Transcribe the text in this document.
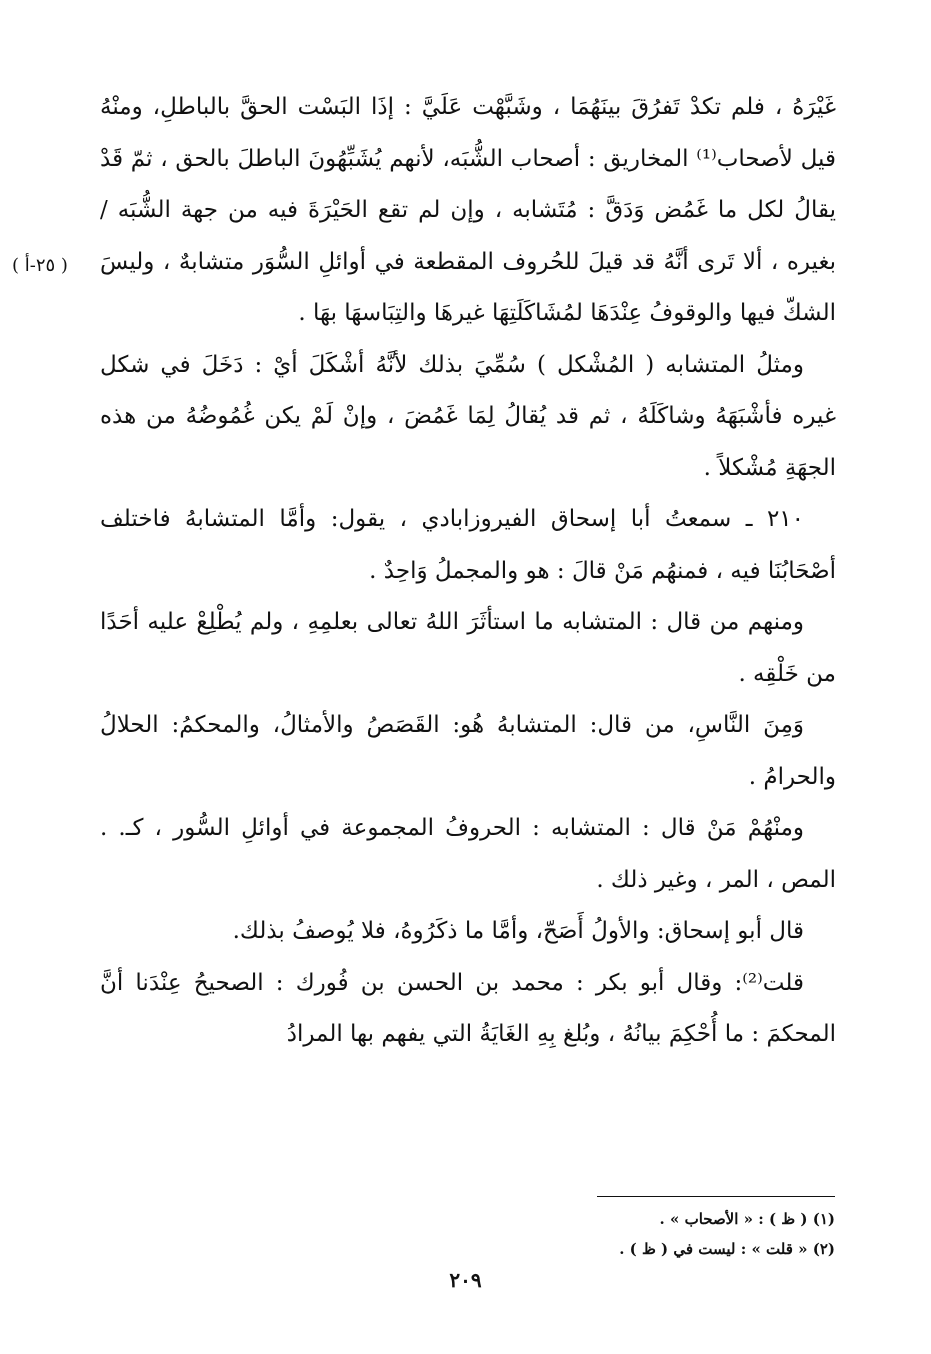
( ٢٥-أ )

غَيْرَهُ ، فلم تكدْ تَفرُقَ بينَهُمَا ، وشَبَّهْت عَلَيَّ : إذَا البَسْت الحقَّ بالباطلِ، ومنْهُ قيل لأصحاب⁽¹⁾ المخاريق : أصحاب الشُّبَه، لأنهم يُشَبِّهُونَ الباطلَ بالحق ، ثمّ قَدْ يقالُ لكل ما غَمُض وَدَقَّ : مُتَشابه ، وإن لم تقع الحَيْرَةَ فيه من جهة الشُّبَه / بغيره ، ألا تَرى أنَّهُ قد قيلَ للحُروف المقطعة في أوائلِ السُّوَر متشابهٌ ، وليسَ الشكّ فيها والوقوفُ عِنْدَهَا لمُشَاكَلَتِهَا غيرهَا والتِبَاسهَا بهَا .

ومثلُ المتشابه ( المُشْكل ) سُمِّيَ بذلك لأنَّهُ أشْكَلَ أيْ : دَخَلَ في شكل غيره فأشْبَهَهُ وشاكَلَهُ ، ثم قد يُقالُ لِمَا غَمُضَ ، وإنْ لَمْ يكن غُمُوضُهُ من هذه الجهَةِ مُشْكلاً .

٢١٠ ـ سمعتُ أبا إسحاق الفيروزابادي ، يقول: وأمَّا المتشابهُ فاختلف أصْحَابُنَا فيه ، فمنهُم مَنْ قالَ : هو والمجملُ وَاحِدٌ .

ومنهم من قال : المتشابه ما استأثَرَ اللهُ تعالى بعلمِهِ ، ولم يُطْلِعْ عليه أحَدًا من خَلْقِه .

وَمِنَ النَّاسِ، من قال: المتشابهُ هُو: القَصَصُ والأمثالُ، والمحكمُ: الحلالُ والحرامُ .

ومنْهُمْ مَنْ قال : المتشابه : الحروفُ المجموعة في أوائلِ السُّور ، كـ. . المص ، المر ، وغير ذلك .

قال أبو إسحاق: والأولُ أَصَحّ، وأمَّا ما ذكَرُوهُ، فلا يُوصفُ بذلك.

قلت⁽²⁾: وقال أبو بكر : محمد بن الحسن بن فُورك : الصحيحُ عِنْدَنا أنَّ المحكمَ : ما أُحْكِمَ بيانُهُ ، وبُلغ بِهِ الغَايَةُ التي يفهم بها المرادُ

(١) ( ظ ) : « الأصحاب » .

(٢) « قلت » : ليست في ( ظ ) .

٢٠٩
